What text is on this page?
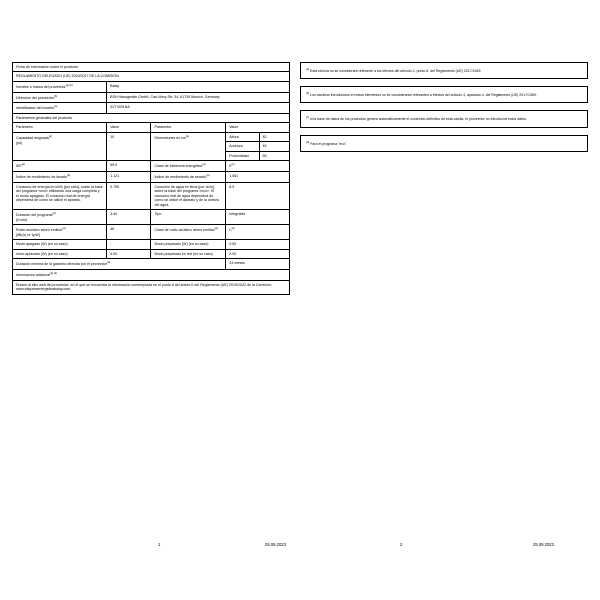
Ficha de información sobre el producto				
REGLAMENTO DELEGADO (UE) 2019/2017 DE LA COMISIÓN				
Nombre o marca del proveedor$^{(a) (b)}$	Balay			
Dirección del proveedor$^{(b)}$	BSH Hausgeräte GmbH, Carl-Wery-Str. 34, 81739 Munich, Germany			
Identificador del modelo$^{(a)}$	3VT4031NA			
Parámetros generales del producto				
Parámetro	Value	Parámetro	Value	
Capacidad asignada$^{(a)}$
(ps)	10	Dimensiones en $cm^{(a)}$	Altura	82
			Anchura	45
			Profundidad	55
IEE$^{(a)}$	55.9	Clase de eficiencia energética$^{(a)}$	$E^{(c)}$
Índice de rendimiento de lavado$^{(a)}$	1.121	Índice de rendimiento de secado$^{(a)}$	1.061	
Consumo de energía en kWh [por ciclo], sobre la base del programa «eco» utilizando una carga completa y el modo apagado. El consumo real de energía dependerá de cómo se utilice el aparato.	0.755	Consumo de agua en litros [por ciclo], sobre la base del programa «eco». El consumo real de agua dependerá de cómo se utilice el aparato y de la dureza del agua.	8.9	
Duración del programa$^{(a)}$
(h:min)	3:40	Tipo	Integrable	
Ruido acústico aéreo emitido$^{(a)}$
[dB(A) re 1pW]	46	Clase de ruido acústico aéreo emitido$^{(a)}$	$C^{(c)}$
Modo apagado (W) (en su caso)	-	Modo preparado (W) (en su caso)	0.50	
Inicio aplazado (W) (en su caso)	4.00	Modo preparado en red (en su caso)	2.00	
Duración mínima de la garantía ofrecida por el proveedor$^{(a)}$			24 meses	
Información adicional$^{(a) (b)}$
Enlace al sitio web del proveedor, en el que se encuentra la información contemplada en el punto 6 del anexo II del Reglamento (UE) 2019/2022 de la Comisión: www.etiquetaenergeticabalay.com				
$^{(a)}$ Esta rúbrica no se considerará relevante a los efectos del artículo 2, punto 6, del Reglamento (UE) 2017/1369.
$^{(b)}$ Los cambios introducidos en estos elementos no se considerarán relevantes a efectos del artículo 4, apartado 4, del Reglamento (UE) 2017/1369.
$^{(c)}$ si la base de datos de los productos genera automáticamente el contenido definitivo de esta casilla, el proveedor no introducirá estos datos.
$^{(d)}$ Para el programa "eco".
1	25.09.2023	2	25.09.2023
